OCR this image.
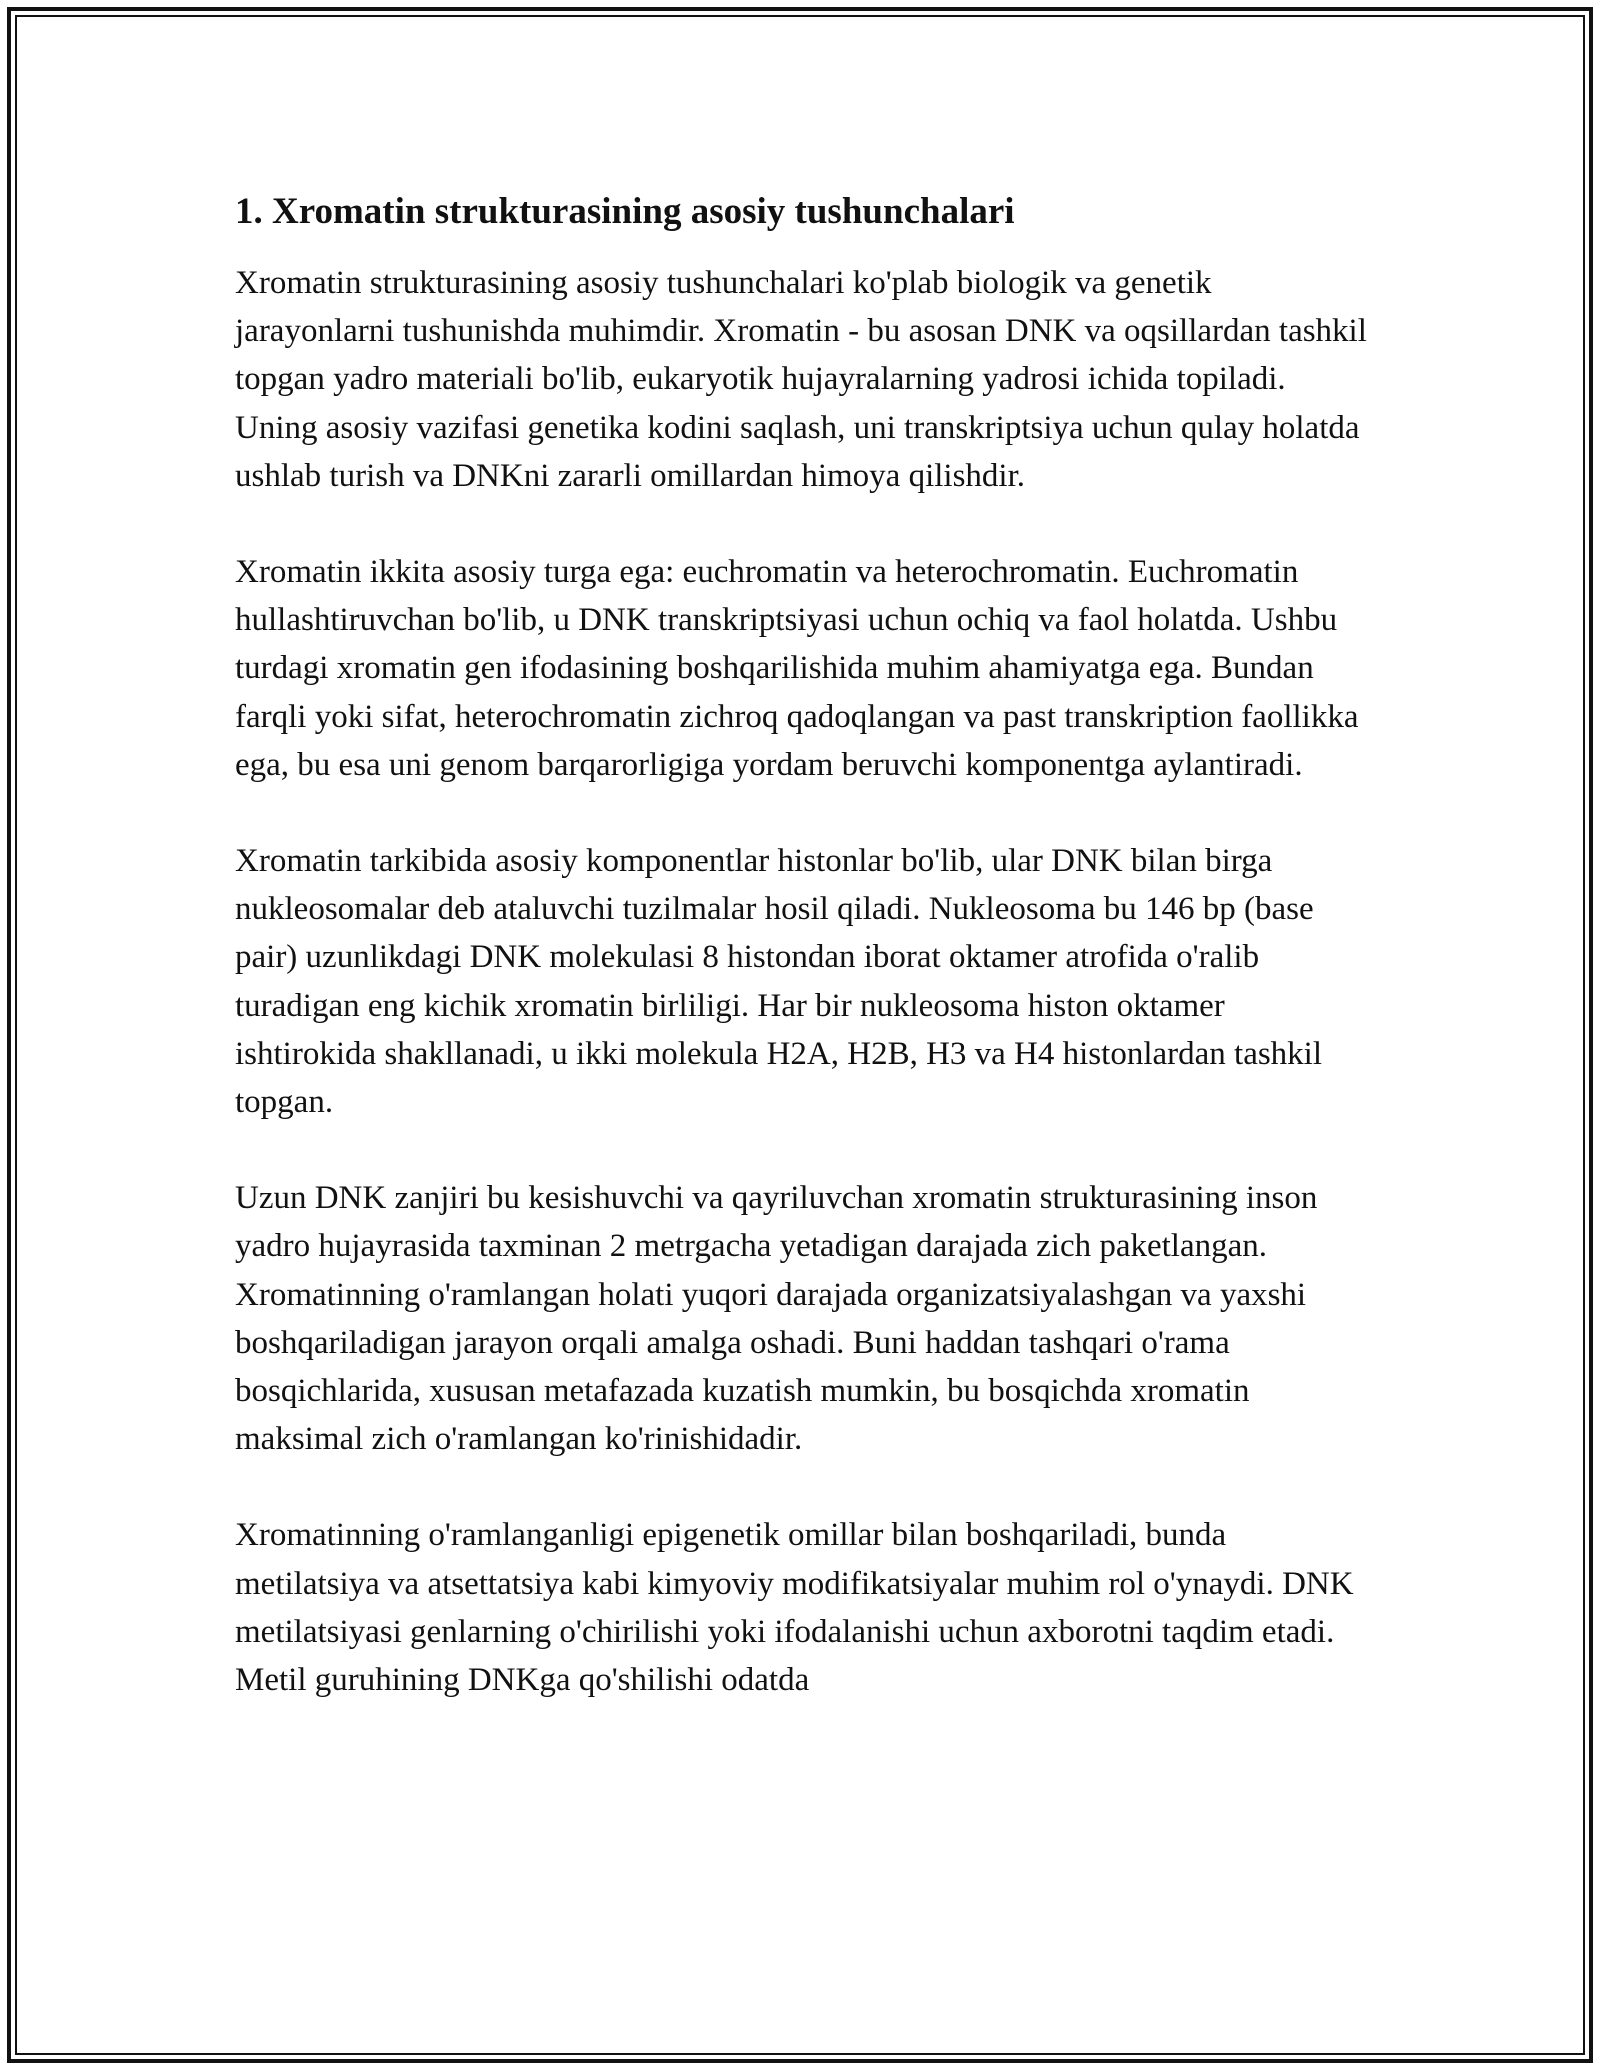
1. Xromatin strukturasining asosiy tushunchalari

Xromatin strukturasining asosiy tushunchalari ko'plab biologik va genetik jarayonlarni tushunishda muhimdir. Xromatin - bu asosan DNK va oqsillardan tashkil topgan yadro materiali bo'lib, eukaryotik hujayralarning yadrosi ichida topiladi. Uning asosiy vazifasi genetika kodini saqlash, uni transkriptsiya uchun qulay holatda ushlab turish va DNKni zararli omillardan himoya qilishdir.

Xromatin ikkita asosiy turga ega: euchromatin va heterochromatin. Euchromatin hullashtiruvchan bo'lib, u DNK transkriptsiyasi uchun ochiq va faol holatda. Ushbu turdagi xromatin gen ifodasining boshqarilishida muhim ahamiyatga ega. Bundan farqli yoki sifat, heterochromatin zichroq qadoqlangan va past transkription faollikka ega, bu esa uni genom barqarorligiga yordam beruvchi komponentga aylantiradi.

Xromatin tarkibida asosiy komponentlar histonlar bo'lib, ular DNK bilan birga nukleosomalar deb ataluvchi tuzilmalar hosil qiladi. Nukleosoma bu 146 bp (base pair) uzunlikdagi DNK molekulasi 8 histondan iborat oktamer atrofida o'ralib turadigan eng kichik xromatin birliligi. Har bir nukleosoma histon oktamer ishtirokida shakllanadi, u ikki molekula H2A, H2B, H3 va H4 histonlardan tashkil topgan.

Uzun DNK zanjiri bu kesishuvchi va qayriluvchan xromatin strukturasining inson yadro hujayrasida taxminan 2 metrgacha yetadigan darajada zich paketlangan. Xromatinning o'ramlangan holati yuqori darajada organizatsiyalashgan va yaxshi boshqariladigan jarayon orqali amalga oshadi. Buni haddan tashqari o'rama bosqichlarida, xususan metafazada kuzatish mumkin, bu bosqichda xromatin maksimal zich o'ramlangan ko'rinishidadir.

Xromatinning o'ramlanganligi epigenetik omillar bilan boshqariladi, bunda metilatsiya va atsettatsiya kabi kimyoviy modifikatsiyalar muhim rol o'ynaydi. DNK metilatsiyasi genlarning o'chirilishi yoki ifodalanishi uchun axborotni taqdim etadi. Metil guruhining DNKga qo'shilishi odatda
